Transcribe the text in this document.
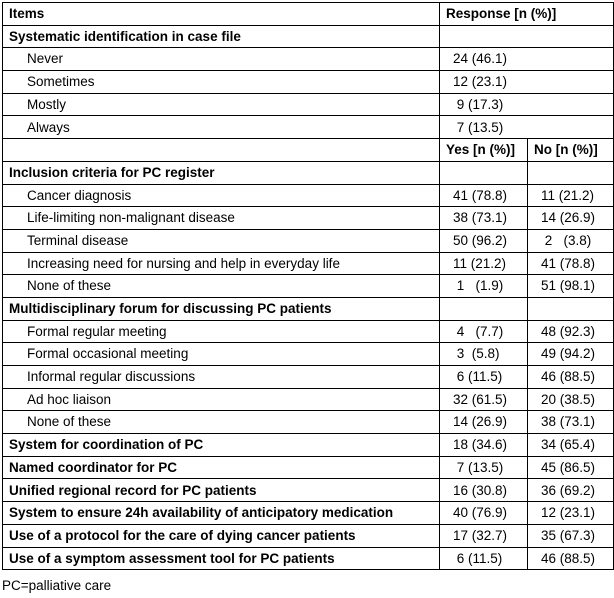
Items	Response [n (%)]	
Systematic identification in case file		
Never	24 (46.1)	
Sometimes	12 (23.1)	
Mostly	9 (17.3)	
Always	7 (13.5)	
	Yes [n (%)]	No [n (%)]
Inclusion criteria for PC register		
Cancer diagnosis	41 (78.8)	11 (21.2)
Life-limiting non-malignant disease	38 (73.1)	14 (26.9)
Terminal disease	50 (96.2)	2   (3.8)
Increasing need for nursing and help in everyday life	11 (21.2)	41 (78.8)
None of these	1   (1.9)	51 (98.1)
Multidisciplinary forum for discussing PC patients		
Formal regular meeting	4   (7.7)	48 (92.3)
Formal occasional meeting	3  (5.8)	49 (94.2)
Informal regular discussions	6 (11.5)	46 (88.5)
Ad hoc liaison	32 (61.5)	20 (38.5)
None of these	14 (26.9)	38 (73.1)
System for coordination of PC	18 (34.6)	34 (65.4)
Named coordinator for PC	7 (13.5)	45 (86.5)
Unified regional record for PC patients	16 (30.8)	36 (69.2)
System to ensure 24h availability of anticipatory medication	40 (76.9)	12 (23.1)
Use of a protocol for the care of dying cancer patients	17 (32.7)	35 (67.3)
Use of a symptom assessment tool for PC patients	6 (11.5)	46 (88.5)
PC=palliative care
